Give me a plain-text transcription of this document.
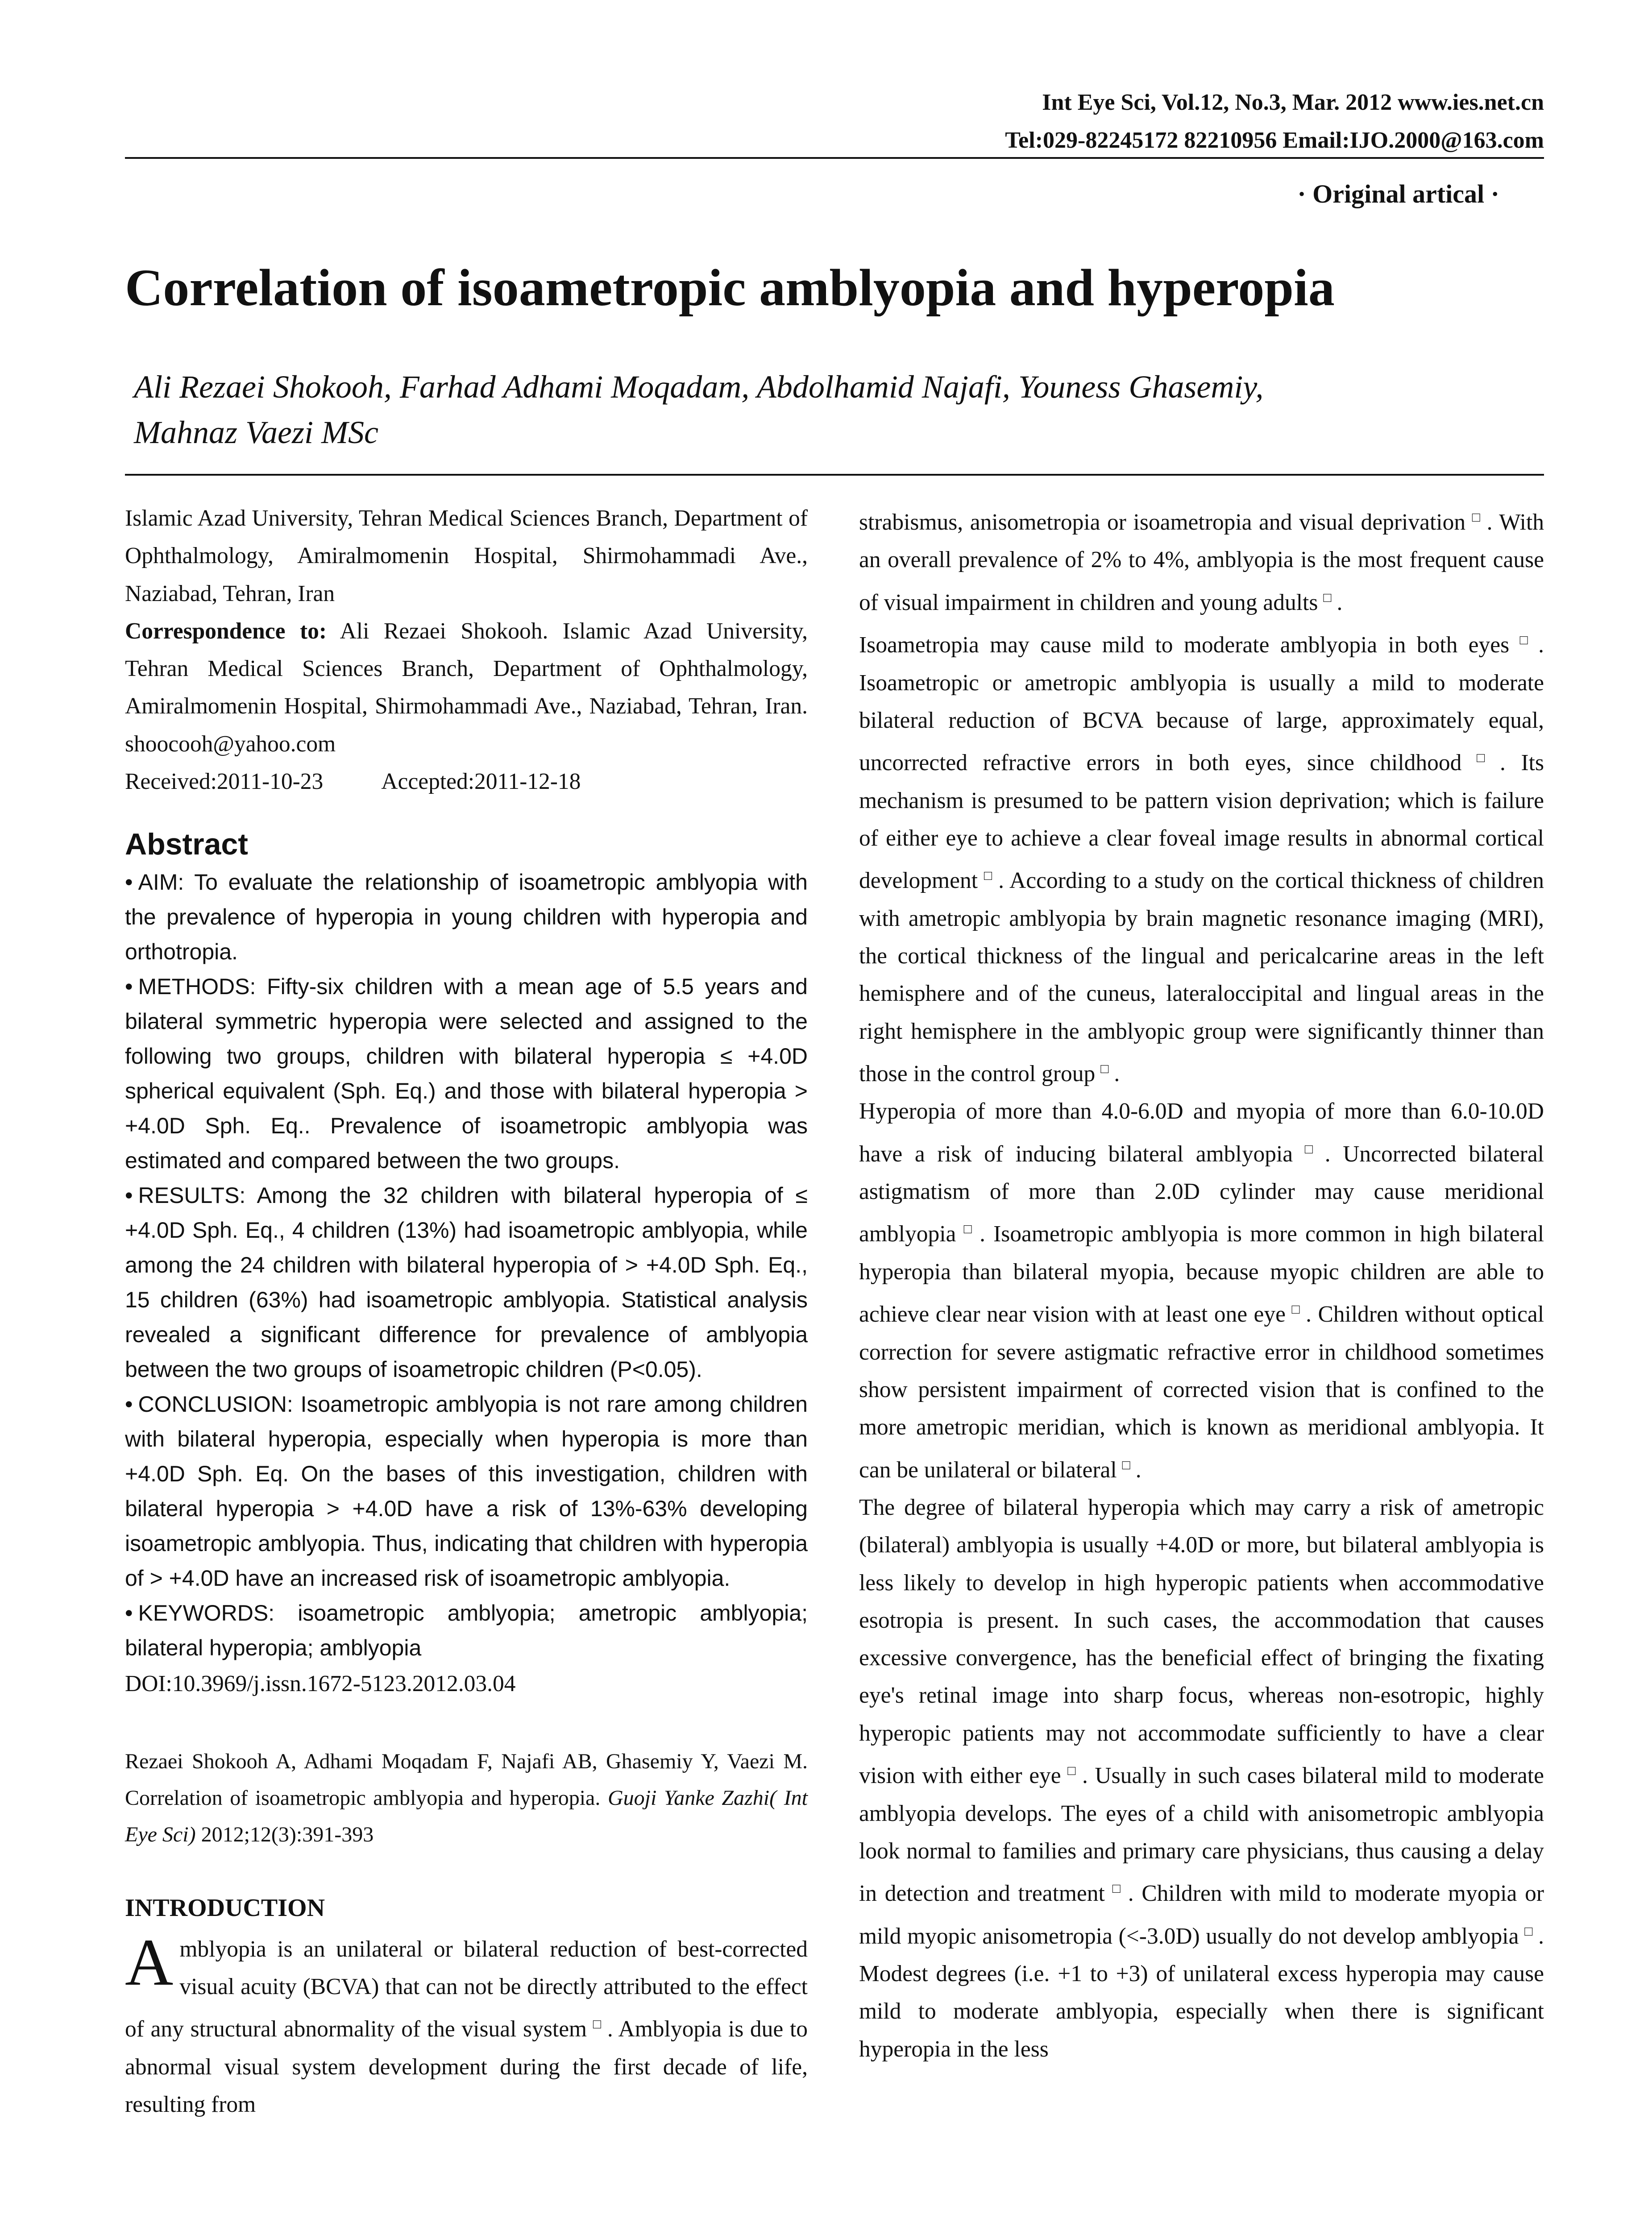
Int Eye Sci, Vol.12, No.3, Mar. 2012 www.ies.net.cn
Tel:029-82245172 82210956 Email:IJO.2000@163.com
· Original artical ·
Correlation of isoametropic amblyopia and hyperopia
Ali Rezaei Shokooh, Farhad Adhami Moqadam, Abdolhamid Najafi, Youness Ghasemiy,
Mahnaz Vaezi MSc

Islamic Azad University, Tehran Medical Sciences Branch, Department of Ophthalmology, Amiralmomenin Hospital, Shirmohammadi Ave., Naziabad, Tehran, Iran

Correspondence to: Ali Rezaei Shokooh. Islamic Azad University, Tehran Medical Sciences Branch, Department of Ophthalmology, Amiralmomenin Hospital, Shirmohammadi Ave., Naziabad, Tehran, Iran. shoocooh@yahoo.com

Received:2011-10-23	Accepted:2011-12-18

Abstract

• AIM: To evaluate the relationship of isoametropic amblyopia with the prevalence of hyperopia in young children with hyperopia and orthotropia.

• METHODS: Fifty-six children with a mean age of 5.5 years and bilateral symmetric hyperopia were selected and assigned to the following two groups, children with bilateral hyperopia ≤ +4.0D spherical equivalent (Sph. Eq.) and those with bilateral hyperopia > +4.0D Sph. Eq.. Prevalence of isoametropic amblyopia was estimated and compared between the two groups.

• RESULTS: Among the 32 children with bilateral hyperopia of ≤ +4.0D Sph. Eq., 4 children (13%) had isoametropic amblyopia, while among the 24 children with bilateral hyperopia of > +4.0D Sph. Eq., 15 children (63%) had isoametropic amblyopia. Statistical analysis revealed a significant difference for prevalence of amblyopia between the two groups of isoametropic children (P<0.05).

• CONCLUSION: Isoametropic amblyopia is not rare among children with bilateral hyperopia, especially when hyperopia is more than +4.0D Sph. Eq. On the bases of this investigation, children with bilateral hyperopia > +4.0D have a risk of 13%-63% developing isoametropic amblyopia. Thus, indicating that children with hyperopia of > +4.0D have an increased risk of isoametropic amblyopia.

• KEYWORDS: isoametropic amblyopia; ametropic amblyopia; bilateral hyperopia; amblyopia

DOI:10.3969/j.issn.1672-5123.2012.03.04
Rezaei Shokooh A, Adhami Moqadam F, Najafi AB, Ghasemiy Y, Vaezi M. Correlation of isoametropic amblyopia and hyperopia. Guoji Yanke Zazhi( Int Eye Sci) 2012;12(3):391-393
INTRODUCTION
Amblyopia is an unilateral or bilateral reduction of best-corrected visual acuity (BCVA) that can not be directly attributed to the effect of any structural abnormality of the visual system □ . Amblyopia is due to abnormal visual system development during the first decade of life, resulting from

strabismus, anisometropia or isoametropia and visual deprivation □ . With an overall prevalence of 2% to 4%, amblyopia is the most frequent cause of visual impairment in children and young adults □ .

Isoametropia may cause mild to moderate amblyopia in both eyes □ . Isoametropic or ametropic amblyopia is usually a mild to moderate bilateral reduction of BCVA because of large, approximately equal, uncorrected refractive errors in both eyes, since childhood □ . Its mechanism is presumed to be pattern vision deprivation; which is failure of either eye to achieve a clear foveal image results in abnormal cortical development □ . According to a study on the cortical thickness of children with ametropic amblyopia by brain magnetic resonance imaging (MRI), the cortical thickness of the lingual and pericalcarine areas in the left hemisphere and of the cuneus, lateraloccipital and lingual areas in the right hemisphere in the amblyopic group were significantly thinner than those in the control group □ .

Hyperopia of more than 4.0-6.0D and myopia of more than 6.0-10.0D have a risk of inducing bilateral amblyopia □ . Uncorrected bilateral astigmatism of more than 2.0D cylinder may cause meridional amblyopia □ . Isoametropic amblyopia is more common in high bilateral hyperopia than bilateral myopia, because myopic children are able to achieve clear near vision with at least one eye □ . Children without optical correction for severe astigmatic refractive error in childhood sometimes show persistent impairment of corrected vision that is confined to the more ametropic meridian, which is known as meridional amblyopia. It can be unilateral or bilateral □ .

The degree of bilateral hyperopia which may carry a risk of ametropic (bilateral) amblyopia is usually +4.0D or more, but bilateral amblyopia is less likely to develop in high hyperopic patients when accommodative esotropia is present. In such cases, the accommodation that causes excessive convergence, has the beneficial effect of bringing the fixating eye's retinal image into sharp focus, whereas non-esotropic, highly hyperopic patients may not accommodate sufficiently to have a clear vision with either eye □ . Usually in such cases bilateral mild to moderate amblyopia develops. The eyes of a child with anisometropic amblyopia look normal to families and primary care physicians, thus causing a delay in detection and treatment □ . Children with mild to moderate myopia or mild myopic anisometropia (<-3.0D) usually do not develop amblyopia □ . Modest degrees (i.e. +1 to +3) of unilateral excess hyperopia may cause mild to moderate amblyopia, especially when there is significant hyperopia in the less
